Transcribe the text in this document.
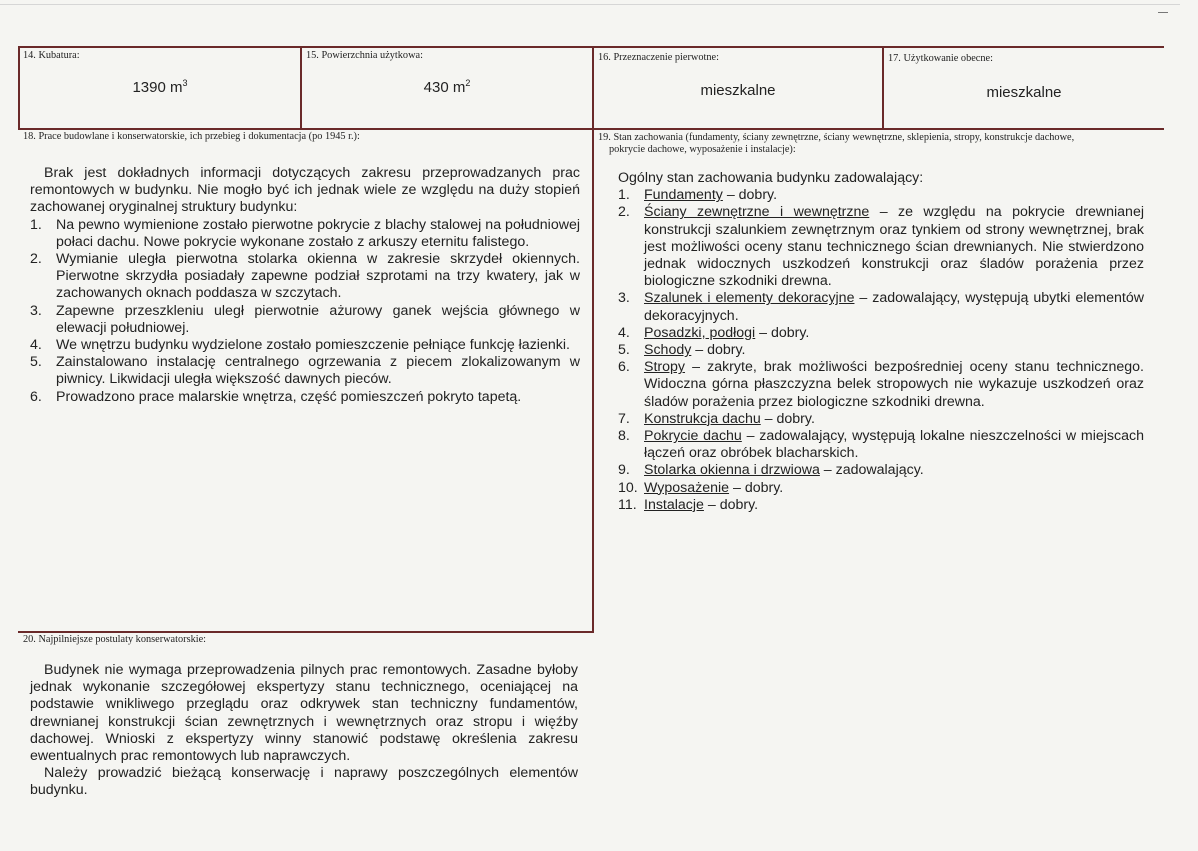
14. Kubatura:
1390 $m^3$
15. Powierzchnia użytkowa:
430 $m^2$
16. Przeznaczenie pierwotne:
mieszkalne
17. Użytkowanie obecne:
mieszkalne
18. Prace budowlane i konserwatorskie, ich przebieg i dokumentacja (po 1945 r.):

Brak jest dokładnych informacji dotyczących zakresu przeprowadzanych prac remontowych w budynku. Nie mogło być ich jednak wiele ze względu na duży stopień zachowanej oryginalnej struktury budynku:

1. Na pewno wymienione zostało pierwotne pokrycie z blachy stalowej na południowej połaci dachu. Nowe pokrycie wykonane zostało z arkuszy eternitu falistego.
2. Wymianie uległa pierwotna stolarka okienna w zakresie skrzydeł okiennych. Pierwotne skrzydła posiadały zapewne podział szprotami na trzy kwatery, jak w zachowanych oknach poddasza w szczytach.
3. Zapewne przeszkleniu uległ pierwotnie ażurowy ganek wejścia głównego w elewacji południowej.
4. We wnętrzu budynku wydzielone zostało pomieszczenie pełniące funkcję łazienki.
5. Zainstalowano instalację centralnego ogrzewania z piecem zlokalizowanym w piwnicy. Likwidacji uległa większość dawnych pieców.
6. Prowadzono prace malarskie wnętrza, część pomieszczeń pokryto tapetą.
19. Stan zachowania (fundamenty, ściany zewnętrzne, ściany wewnętrzne, sklepienia, stropy, konstrukcje dachowe,
pokrycie dachowe, wyposażenie i instalacje):
Ogólny stan zachowania budynku zadowalający:
1. Fundamenty – dobry.
2. Ściany zewnętrzne i wewnętrzne – ze względu na pokrycie drewnianej konstrukcji szalunkiem zewnętrznym oraz tynkiem od strony wewnętrznej, brak jest możliwości oceny stanu technicznego ścian drewnianych. Nie stwierdzono jednak widocznych uszkodzeń konstrukcji oraz śladów porażenia przez biologiczne szkodniki drewna.
3. Szalunek i elementy dekoracyjne – zadowalający, występują ubytki elementów dekoracyjnych.
4. Posadzki, podłogi – dobry.
5. Schody – dobry.
6. Stropy – zakryte, brak możliwości bezpośredniej oceny stanu technicznego. Widoczna górna płaszczyzna belek stropowych nie wykazuje uszkodzeń oraz śladów porażenia przez biologiczne szkodniki drewna.
7. Konstrukcja dachu – dobry.
8. Pokrycie dachu – zadowalający, występują lokalne nieszczelności w miejscach łączeń oraz obróbek blacharskich.
9. Stolarka okienna i drzwiowa – zadowalający.
10. Wyposażenie – dobry.
11. Instalacje – dobry.
20. Najpilniejsze postulaty konserwatorskie:

Budynek nie wymaga przeprowadzenia pilnych prac remontowych. Zasadne byłoby jednak wykonanie szczegółowej ekspertyzy stanu technicznego, oceniającej na podstawie wnikliwego przeglądu oraz odkrywek stan techniczny fundamentów, drewnianej konstrukcji ścian zewnętrznych i wewnętrznych oraz stropu i więźby dachowej. Wnioski z ekspertyzy winny stanowić podstawę określenia zakresu ewentualnych prac remontowych lub naprawczych.

Należy prowadzić bieżącą konserwację i naprawy poszczególnych elementów budynku.
